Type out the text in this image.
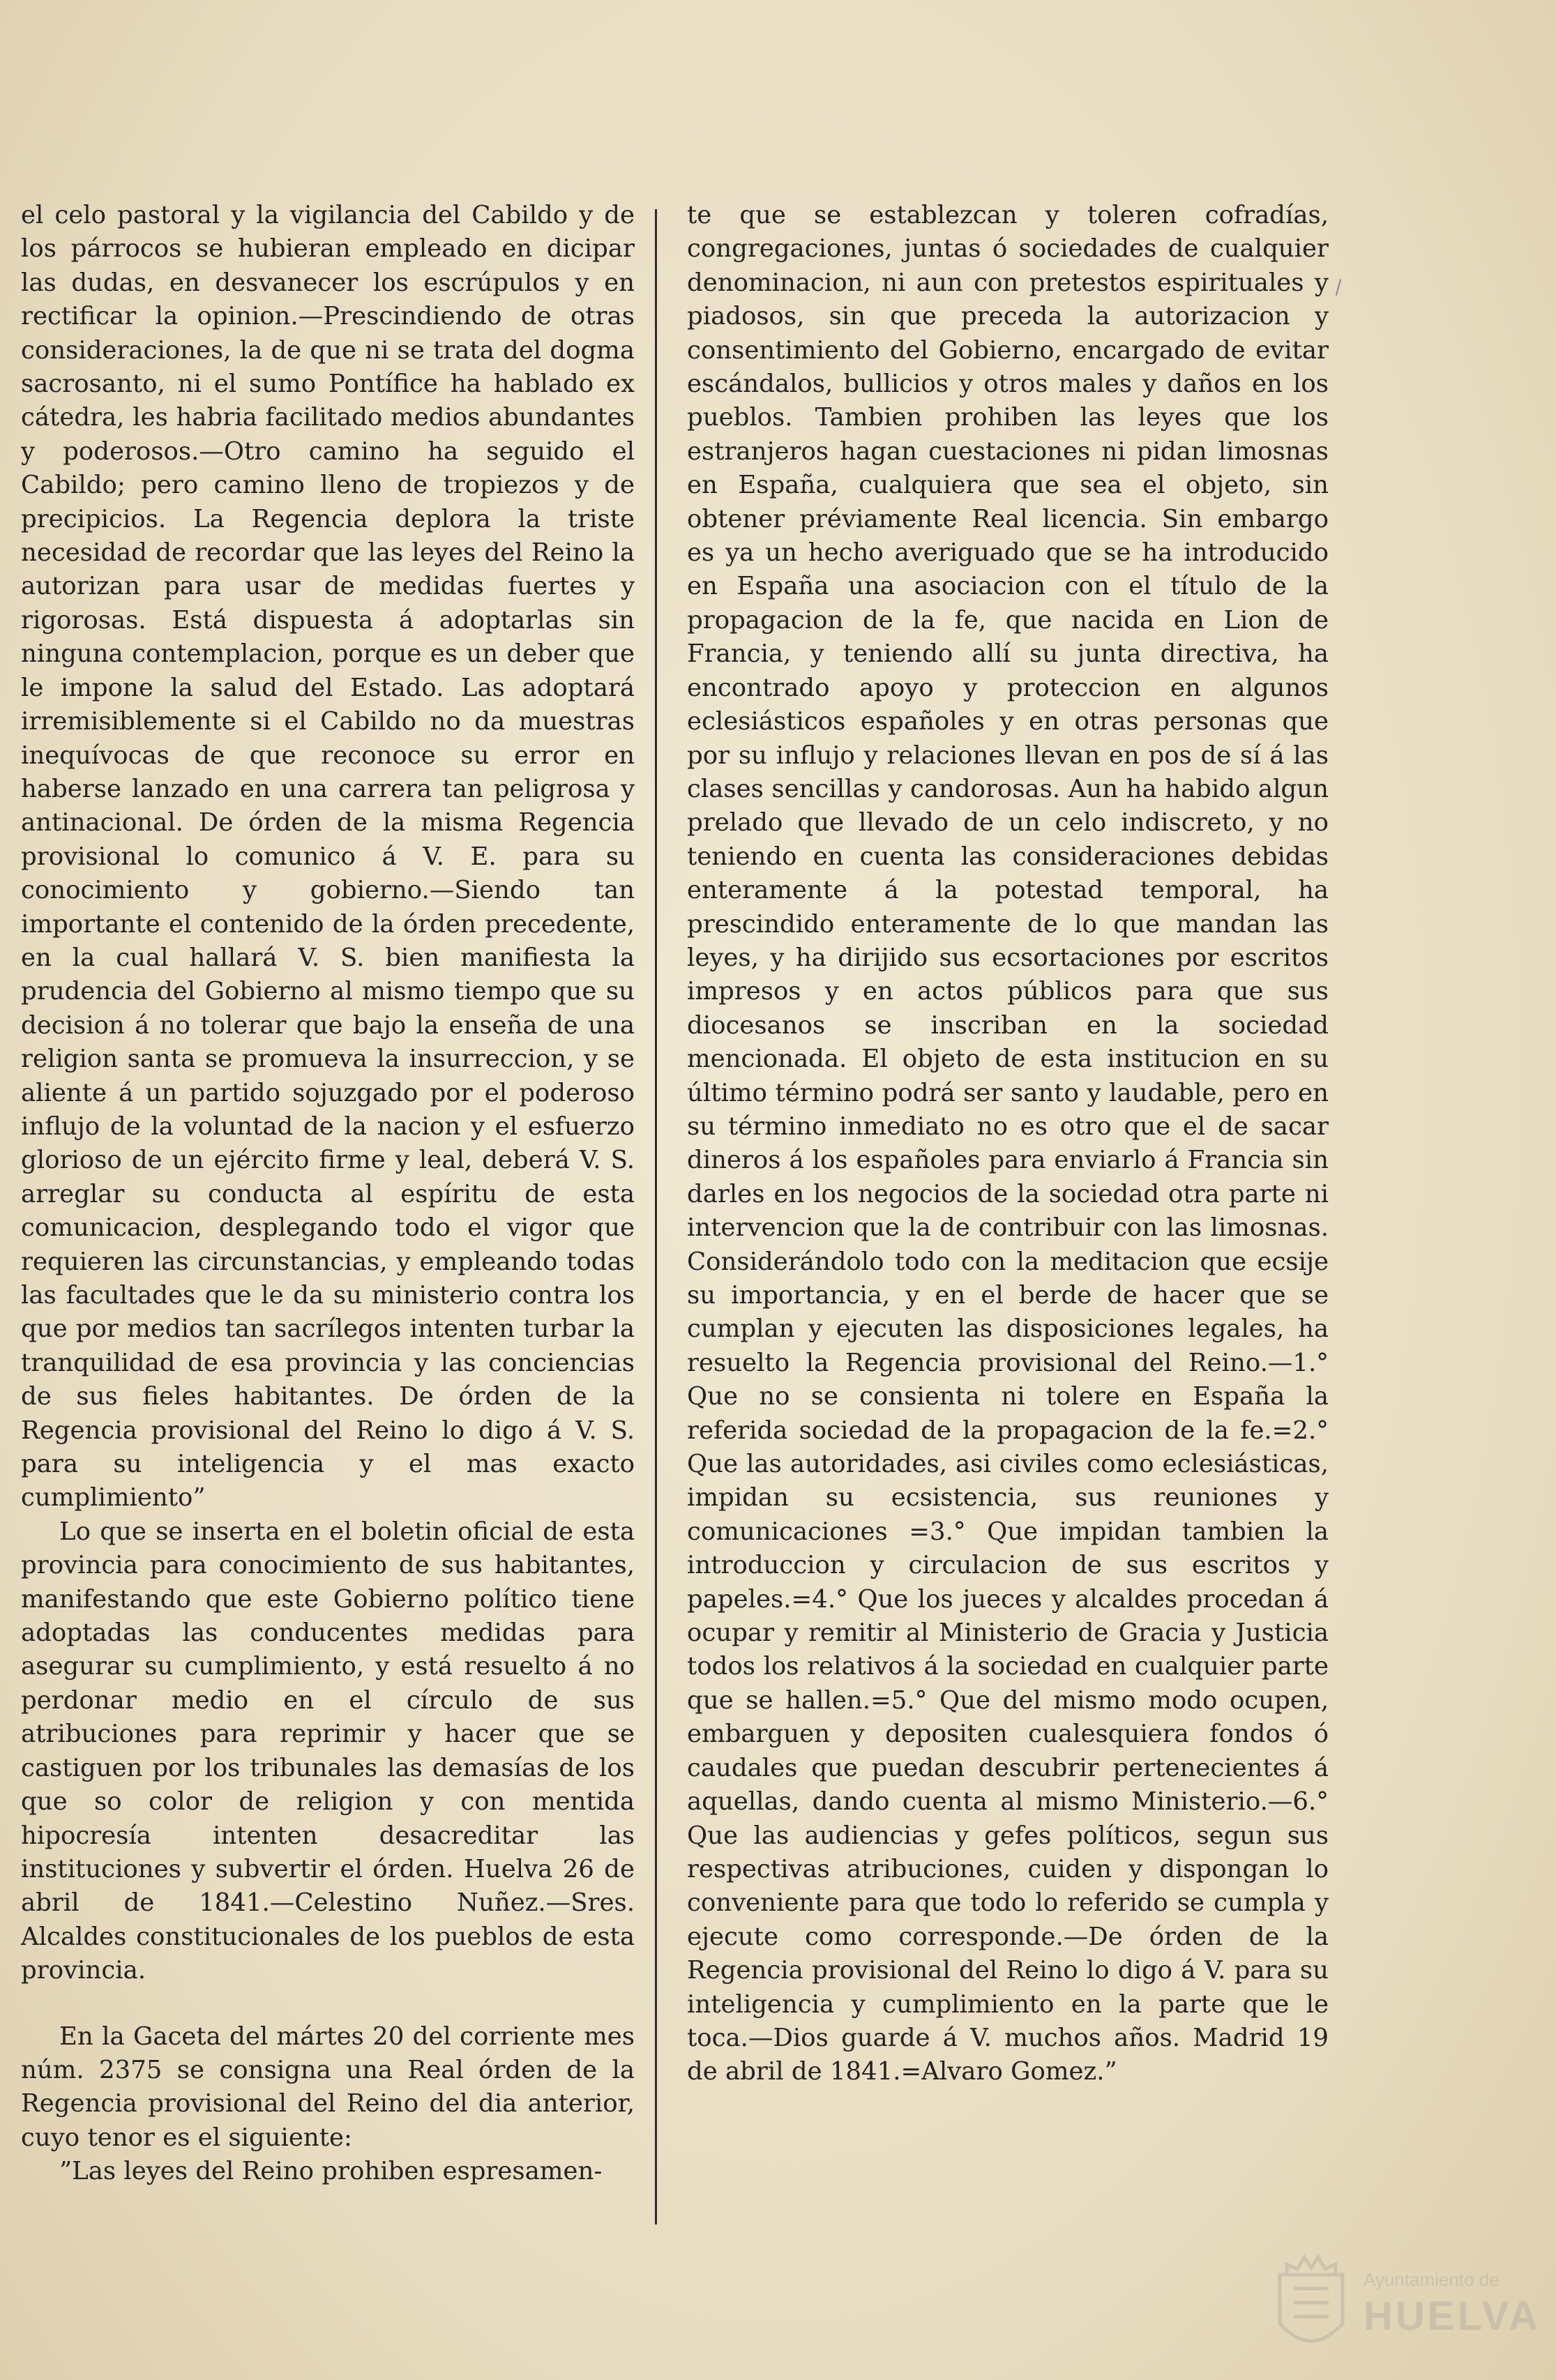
el celo pastoral y la vigilancia del Cabildo y de los párrocos se hubieran empleado en dicipar las dudas, en desvanecer los escrúpulos y en rectificar la opinion.—Prescindiendo de otras consideraciones, la de que ni se trata del dogma sacrosanto, ni el sumo Pontífice ha hablado ex cátedra, les habria facilitado medios abundantes y poderosos.—Otro camino ha seguido el Cabildo; pero camino lleno de tropiezos y de precipicios. La Regencia deplora la triste necesidad de recordar que las leyes del Reino la autorizan para usar de medidas fuertes y rigorosas. Está dispuesta á adoptarlas sin ninguna contemplacion, porque es un deber que le impone la salud del Estado. Las adoptará irremisiblemente si el Cabildo no da muestras inequívocas de que reconoce su error en haberse lanzado en una carrera tan peligrosa y antinacional. De órden de la misma Regencia provisional lo comunico á V. E. para su conocimiento y gobierno.—Siendo tan importante el contenido de la órden precedente, en la cual hallará V. S. bien manifiesta la prudencia del Gobierno al mismo tiempo que su decision á no tolerar que bajo la enseña de una religion santa se promueva la insurreccion, y se aliente á un partido sojuzgado por el poderoso influjo de la voluntad de la nacion y el esfuerzo glorioso de un ejército firme y leal, deberá V. S. arreglar su conducta al espíritu de esta comunicacion, desplegando todo el vigor que requieren las circunstancias, y empleando todas las facultades que le da su ministerio contra los que por medios tan sacrílegos intenten turbar la tranquilidad de esa provincia y las conciencias de sus fieles habitantes. De órden de la Regencia provisional del Reino lo digo á V. S. para su inteligencia y el mas exacto cumplimiento”

Lo que se inserta en el boletin oficial de esta provincia para conocimiento de sus habitantes, manifestando que este Gobierno político tiene adoptadas las conducentes medidas para asegurar su cumplimiento, y está resuelto á no perdonar medio en el círculo de sus atribuciones para reprimir y hacer que se castiguen por los tribunales las demasías de los que so color de religion y con mentida hipocresía intenten desacreditar las instituciones y subvertir el órden. Huelva 26 de abril de 1841.—Celestino Nuñez.—Sres. Alcaldes constitucionales de los pueblos de esta provincia.

En la Gaceta del mártes 20 del corriente mes núm. 2375 se consigna una Real órden de la Regencia provisional del Reino del dia anterior, cuyo tenor es el siguiente:

”Las leyes del Reino prohiben espresamen-

te que se establezcan y toleren cofradías, congregaciones, juntas ó sociedades de cualquier denominacion, ni aun con pretestos espirituales y piadosos, sin que preceda la autorizacion y consentimiento del Gobierno, encargado de evitar escándalos, bullicios y otros males y daños en los pueblos. Tambien prohiben las leyes que los estranjeros hagan cuestaciones ni pidan limosnas en España, cualquiera que sea el objeto, sin obtener préviamente Real licencia. Sin embargo es ya un hecho averiguado que se ha introducido en España una asociacion con el título de la propagacion de la fe, que nacida en Lion de Francia, y teniendo allí su junta directiva, ha encontrado apoyo y proteccion en algunos eclesiásticos españoles y en otras personas que por su influjo y relaciones llevan en pos de sí á las clases sencillas y candorosas. Aun ha habido algun prelado que llevado de un celo indiscreto, y no teniendo en cuenta las consideraciones debidas enteramente á la potestad temporal, ha prescindido enteramente de lo que mandan las leyes, y ha dirijido sus ecsortaciones por escritos impresos y en actos públicos para que sus diocesanos se inscriban en la sociedad mencionada. El objeto de esta institucion en su último término podrá ser santo y laudable, pero en su término inmediato no es otro que el de sacar dineros á los españoles para enviarlo á Francia sin darles en los negocios de la sociedad otra parte ni intervencion que la de contribuir con las limosnas. Considerándolo todo con la meditacion que ecsije su importancia, y en el berde de hacer que se cumplan y ejecuten las disposiciones legales, ha resuelto la Regencia provisional del Reino.—1.° Que no se consienta ni tolere en España la referida sociedad de la propagacion de la fe.=2.° Que las autoridades, asi civiles como eclesiásticas, impidan su ecsistencia, sus reuniones y comunicaciones =3.° Que impidan tambien la introduccion y circulacion de sus escritos y papeles.=4.° Que los jueces y alcaldes procedan á ocupar y remitir al Ministerio de Gracia y Justicia todos los relativos á la sociedad en cualquier parte que se hallen.=5.° Que del mismo modo ocupen, embarguen y depositen cualesquiera fondos ó caudales que puedan descubrir pertenecientes á aquellas, dando cuenta al mismo Ministerio.—6.° Que las audiencias y gefes políticos, segun sus respectivas atribuciones, cuiden y dispongan lo conveniente para que todo lo referido se cumpla y ejecute como corresponde.—De órden de la Regencia provisional del Reino lo digo á V. para su inteligencia y cumplimiento en la parte que le toca.—Dios guarde á V. muchos años. Madrid 19 de abril de 1841.=Alvaro Gomez.”

Ayuntamiento de
HUELVA
